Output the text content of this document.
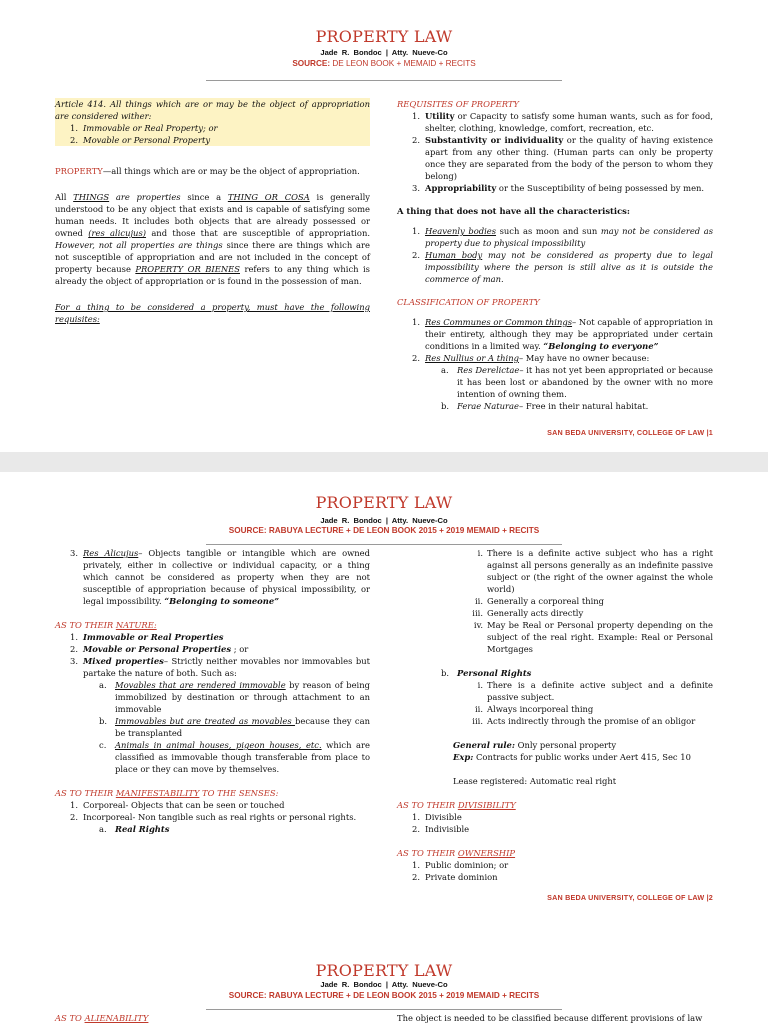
PROPERTY LAW
Jade R. Bondoc | Atty. Nueve-Co
SOURCE: DE LEON BOOK + MEMAID + RECITS

Article 414. All things which are or may be the object of appropriation are considered wither:

1. Immovable or Real Property; or
2. Movable or Personal Property

PROPERTY—all things which are or may be the object of appropriation.

All THINGS are properties since a THING OR COSA is generally understood to be any object that exists and is capable of satisfying some human needs. It includes both objects that are already possessed or owned (res alicujus) and those that are susceptible of appropriation. However, not all properties are things since there are things which are not susceptible of appropriation and are not included in the concept of property because PROPERTY OR BIENES refers to any thing which is already the object of appropriation or is found in the possession of man.

For a thing to be considered a property, must have the following requisites:

REQUISITES OF PROPERTY

1. Utility or Capacity to satisfy some human wants, such as for food, shelter, clothing, knowledge, comfort, recreation, etc.
2. Substantivity or individuality or the quality of having existence apart from any other thing. (Human parts can only be property once they are separated from the body of the person to whom they belong)
3. Appropriability or the Susceptibility of being possessed by men.

A thing that does not have all the characteristics:

1. Heavenly bodies such as moon and sun may not be considered as property due to physical impossibility
2. Human body may not be considered as property due to legal impossibility where the person is still alive as it is outside the commerce of man.

CLASSIFICATION OF PROPERTY

1. Res Communes or Common things– Not capable of appropriation in their entirety, although they may be appropriated under certain conditions in a limited way. “Belonging to everyone”
2. Res Nullius or A thing– May have no owner because:
a. Res Derelictae– it has not yet been appropriated or because it has been lost or abandoned by the owner with no more intention of owning them.
b. Ferae Naturae– Free in their natural habitat.
SAN BEDA UNIVERSITY, COLLEGE OF LAW |1
PROPERTY LAW
Jade R. Bondoc | Atty. Nueve-Co
SOURCE: RABUYA LECTURE + DE LEON BOOK 2015 + 2019 MEMAID + RECITS
3. Res Alicujus– Objects tangible or intangible which are owned privately, either in collective or individual capacity, or a thing which cannot be considered as property when they are not susceptible of appropriation because of physical impossibility, or legal impossibility. “Belonging to someone”

AS TO THEIR NATURE:

1. Immovable or Real Properties
2. Movable or Personal Properties ; or
3. Mixed properties– Strictly neither movables nor immovables but partake the nature of both. Such as:
a. Movables that are rendered immovable by reason of being immobilized by destination or through attachment to an immovable
b. Immovables but are treated as movables because they can be transplanted
c. Animals in animal houses, pigeon houses, etc. which are classified as immovable though transferable from place to place or they can move by themselves.

AS TO THEIR MANIFESTABILITY TO THE SENSES:

1. Corporeal- Objects that can be seen or touched
2. Incorporeal- Non tangible such as real rights or personal rights.
a. Real Rights
i. There is a definite active subject who has a right against all persons generally as an indefinite passive subject or (the right of the owner against the whole world)
ii. Generally a corporeal thing
iii. Generally acts directly
iv. May be Real or Personal property depending on the subject of the real right. Example: Real or Personal Mortgages
b. Personal Rights
i. There is a definite active subject and a definite passive subject.
ii. Always incorporeal thing
iii. Acts indirectly through the promise of an obligor

General rule: Only personal property

Exp: Contracts for public works under Aert 415, Sec 10

Lease registered: Automatic real right

AS TO THEIR DIVISIBILITY

1. Divisible
2. Indivisible

AS TO THEIR OWNERSHIP

1. Public dominion; or
2. Private dominion
SAN BEDA UNIVERSITY, COLLEGE OF LAW |2
PROPERTY LAW
Jade R. Bondoc | Atty. Nueve-Co
SOURCE: RABUYA LECTURE + DE LEON BOOK 2015 + 2019 MEMAID + RECITS
AS TO ALIENABILITY	The object is needed to be classified because different provisions of law
